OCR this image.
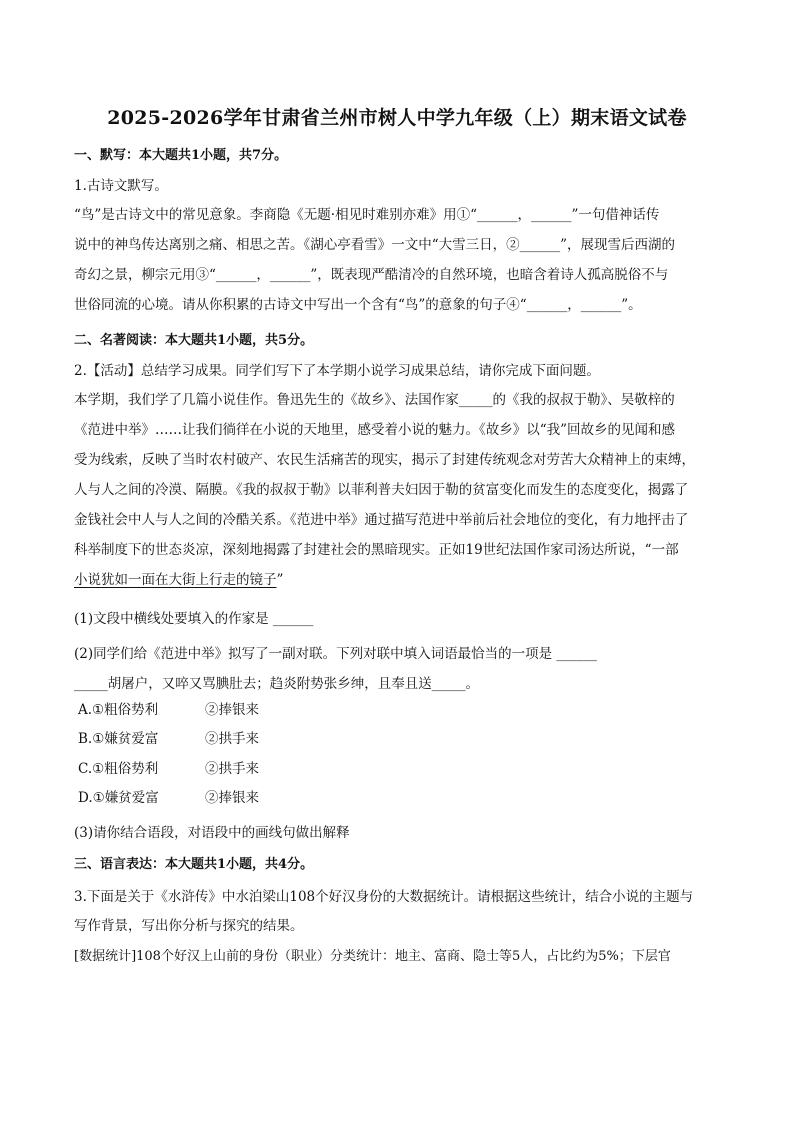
2025-2026学年甘肃省兰州市树人中学九年级（上）期末语文试卷
一、默写：本大题共1小题，共7分。
1.古诗文默写。
“鸟”是古诗文中的常见意象。李商隐《无题·相见时难别亦难》用①“______，______”一句借神话传
说中的神鸟传达离别之痛、相思之苦。《湖心亭看雪》一文中“大雪三日，②______”，展现雪后西湖的
奇幻之景，柳宗元用③“______，______”，既表现严酷清冷的自然环境，也暗含着诗人孤高脱俗不与
世俗同流的心境。请从你积累的古诗文中写出一个含有“鸟”的意象的句子④“______，______”。
二、名著阅读：本大题共1小题，共5分。
2.【活动】总结学习成果。同学们写下了本学期小说学习成果总结，请你完成下面问题。
本学期，我们学了几篇小说佳作。鲁迅先生的《故乡》、法国作家_____的《我的叔叔于勒》、吴敬梓的
《范进中举》……让我们徜徉在小说的天地里，感受着小说的魅力。《故乡》以“我”回故乡的见闻和感
受为线索，反映了当时农村破产、农民生活痛苦的现实，揭示了封建传统观念对劳苦大众精神上的束缚，
人与人之间的冷漠、隔膜。《我的叔叔于勒》以菲利普夫妇因于勒的贫富变化而发生的态度变化，揭露了
金钱社会中人与人之间的冷酷关系。《范进中举》通过描写范进中举前后社会地位的变化，有力地抨击了
科举制度下的世态炎凉，深刻地揭露了封建社会的黑暗现实。正如19世纪法国作家司汤达所说，“一部
小说犹如一面在大街上行走的镜子”
(1)文段中横线处要填入的作家是 ______
(2)同学们给《范进中举》拟写了一副对联。下列对联中填入词语最恰当的一项是 ______
_____胡屠户，又啐又骂腆肚去；趋炎附势张乡绅，且奉且送_____。
A.①粗俗势利	②捧银来
B.①嫌贫爱富	②拱手来
C.①粗俗势利	②拱手来
D.①嫌贫爱富	②捧银来
(3)请你结合语段，对语段中的画线句做出解释
三、语言表达：本大题共1小题，共4分。
3.下面是关于《水浒传》中水泊梁山108个好汉身份的大数据统计。请根据这些统计，结合小说的主题与
写作背景，写出你分析与探究的结果。
[数据统计]108个好汉上山前的身份（职业）分类统计：地主、富商、隐士等5人，占比约为5%；下层官
